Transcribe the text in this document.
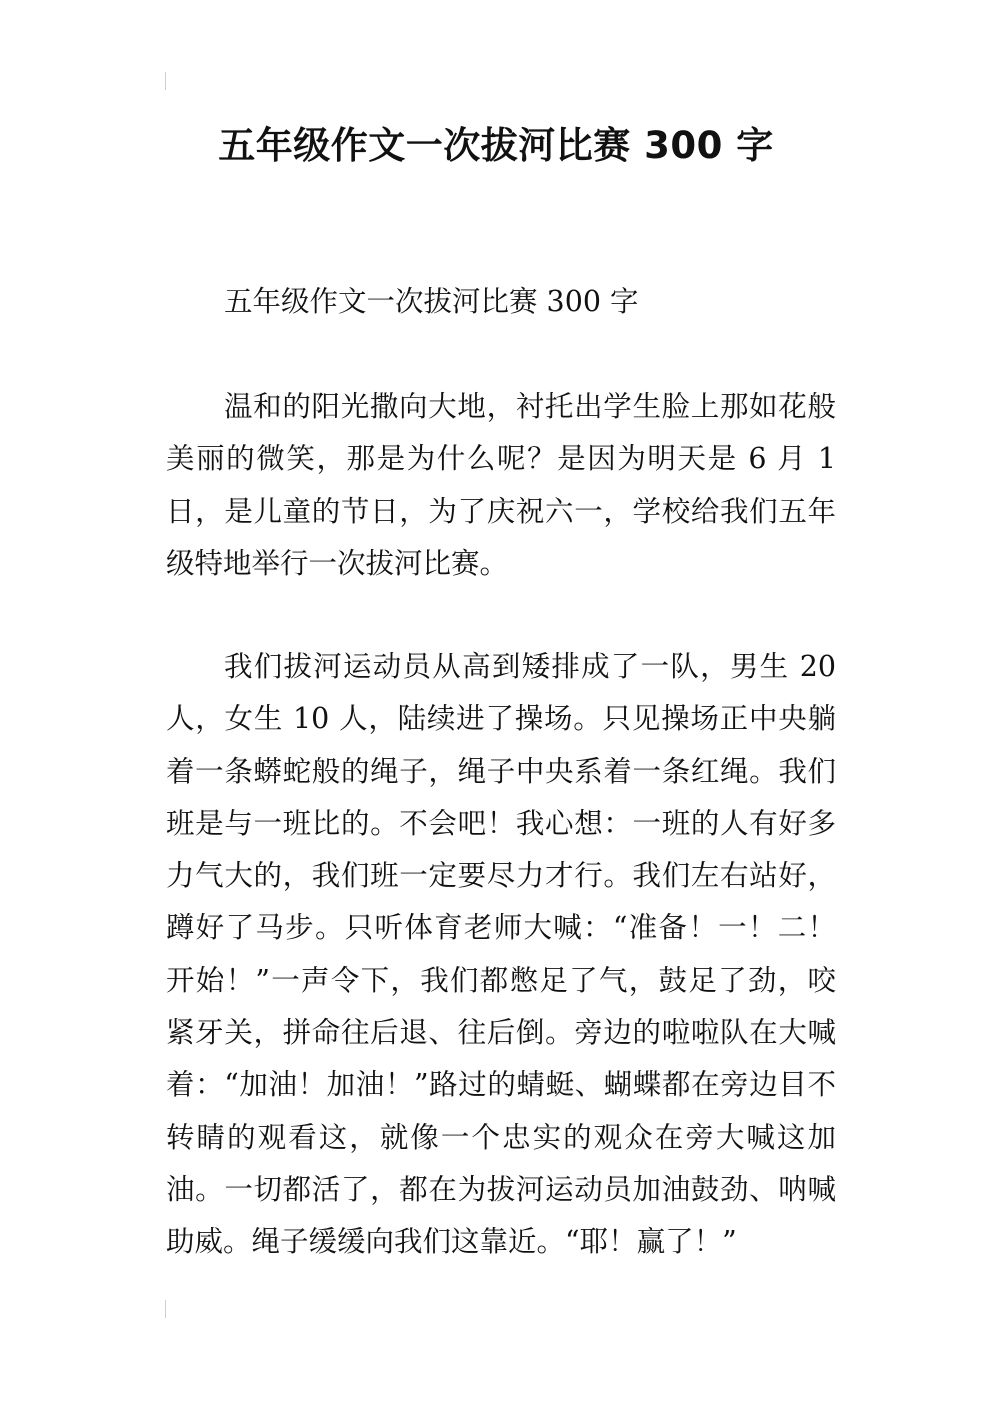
五年级作文一次拔河比赛 300 字

五年级作文一次拔河比赛 300 字

温和的阳光撒向大地，衬托出学生脸上那如花般美丽的微笑，那是为什么呢？是因为明天是 6 月 1 日，是儿童的节日，为了庆祝六一，学校给我们五年级特地举行一次拔河比赛。

我们拔河运动员从高到矮排成了一队，男生 20 人，女生 10 人，陆续进了操场。只见操场正中央躺着一条蟒蛇般的绳子，绳子中央系着一条红绳。我们班是与一班比的。不会吧！我心想：一班的人有好多力气大的，我们班一定要尽力才行。我们左右站好，蹲好了马步。只听体育老师大喊：“准备！一！二！开始！”一声令下，我们都憋足了气，鼓足了劲，咬紧牙关，拼命往后退、往后倒。旁边的啦啦队在大喊着：“加油！加油！”路过的蜻蜓、蝴蝶都在旁边目不转睛的观看这，就像一个忠实的观众在旁大喊这加油。一切都活了，都在为拔河运动员加油鼓劲、呐喊助威。绳子缓缓向我们这靠近。“耶！赢了！”
